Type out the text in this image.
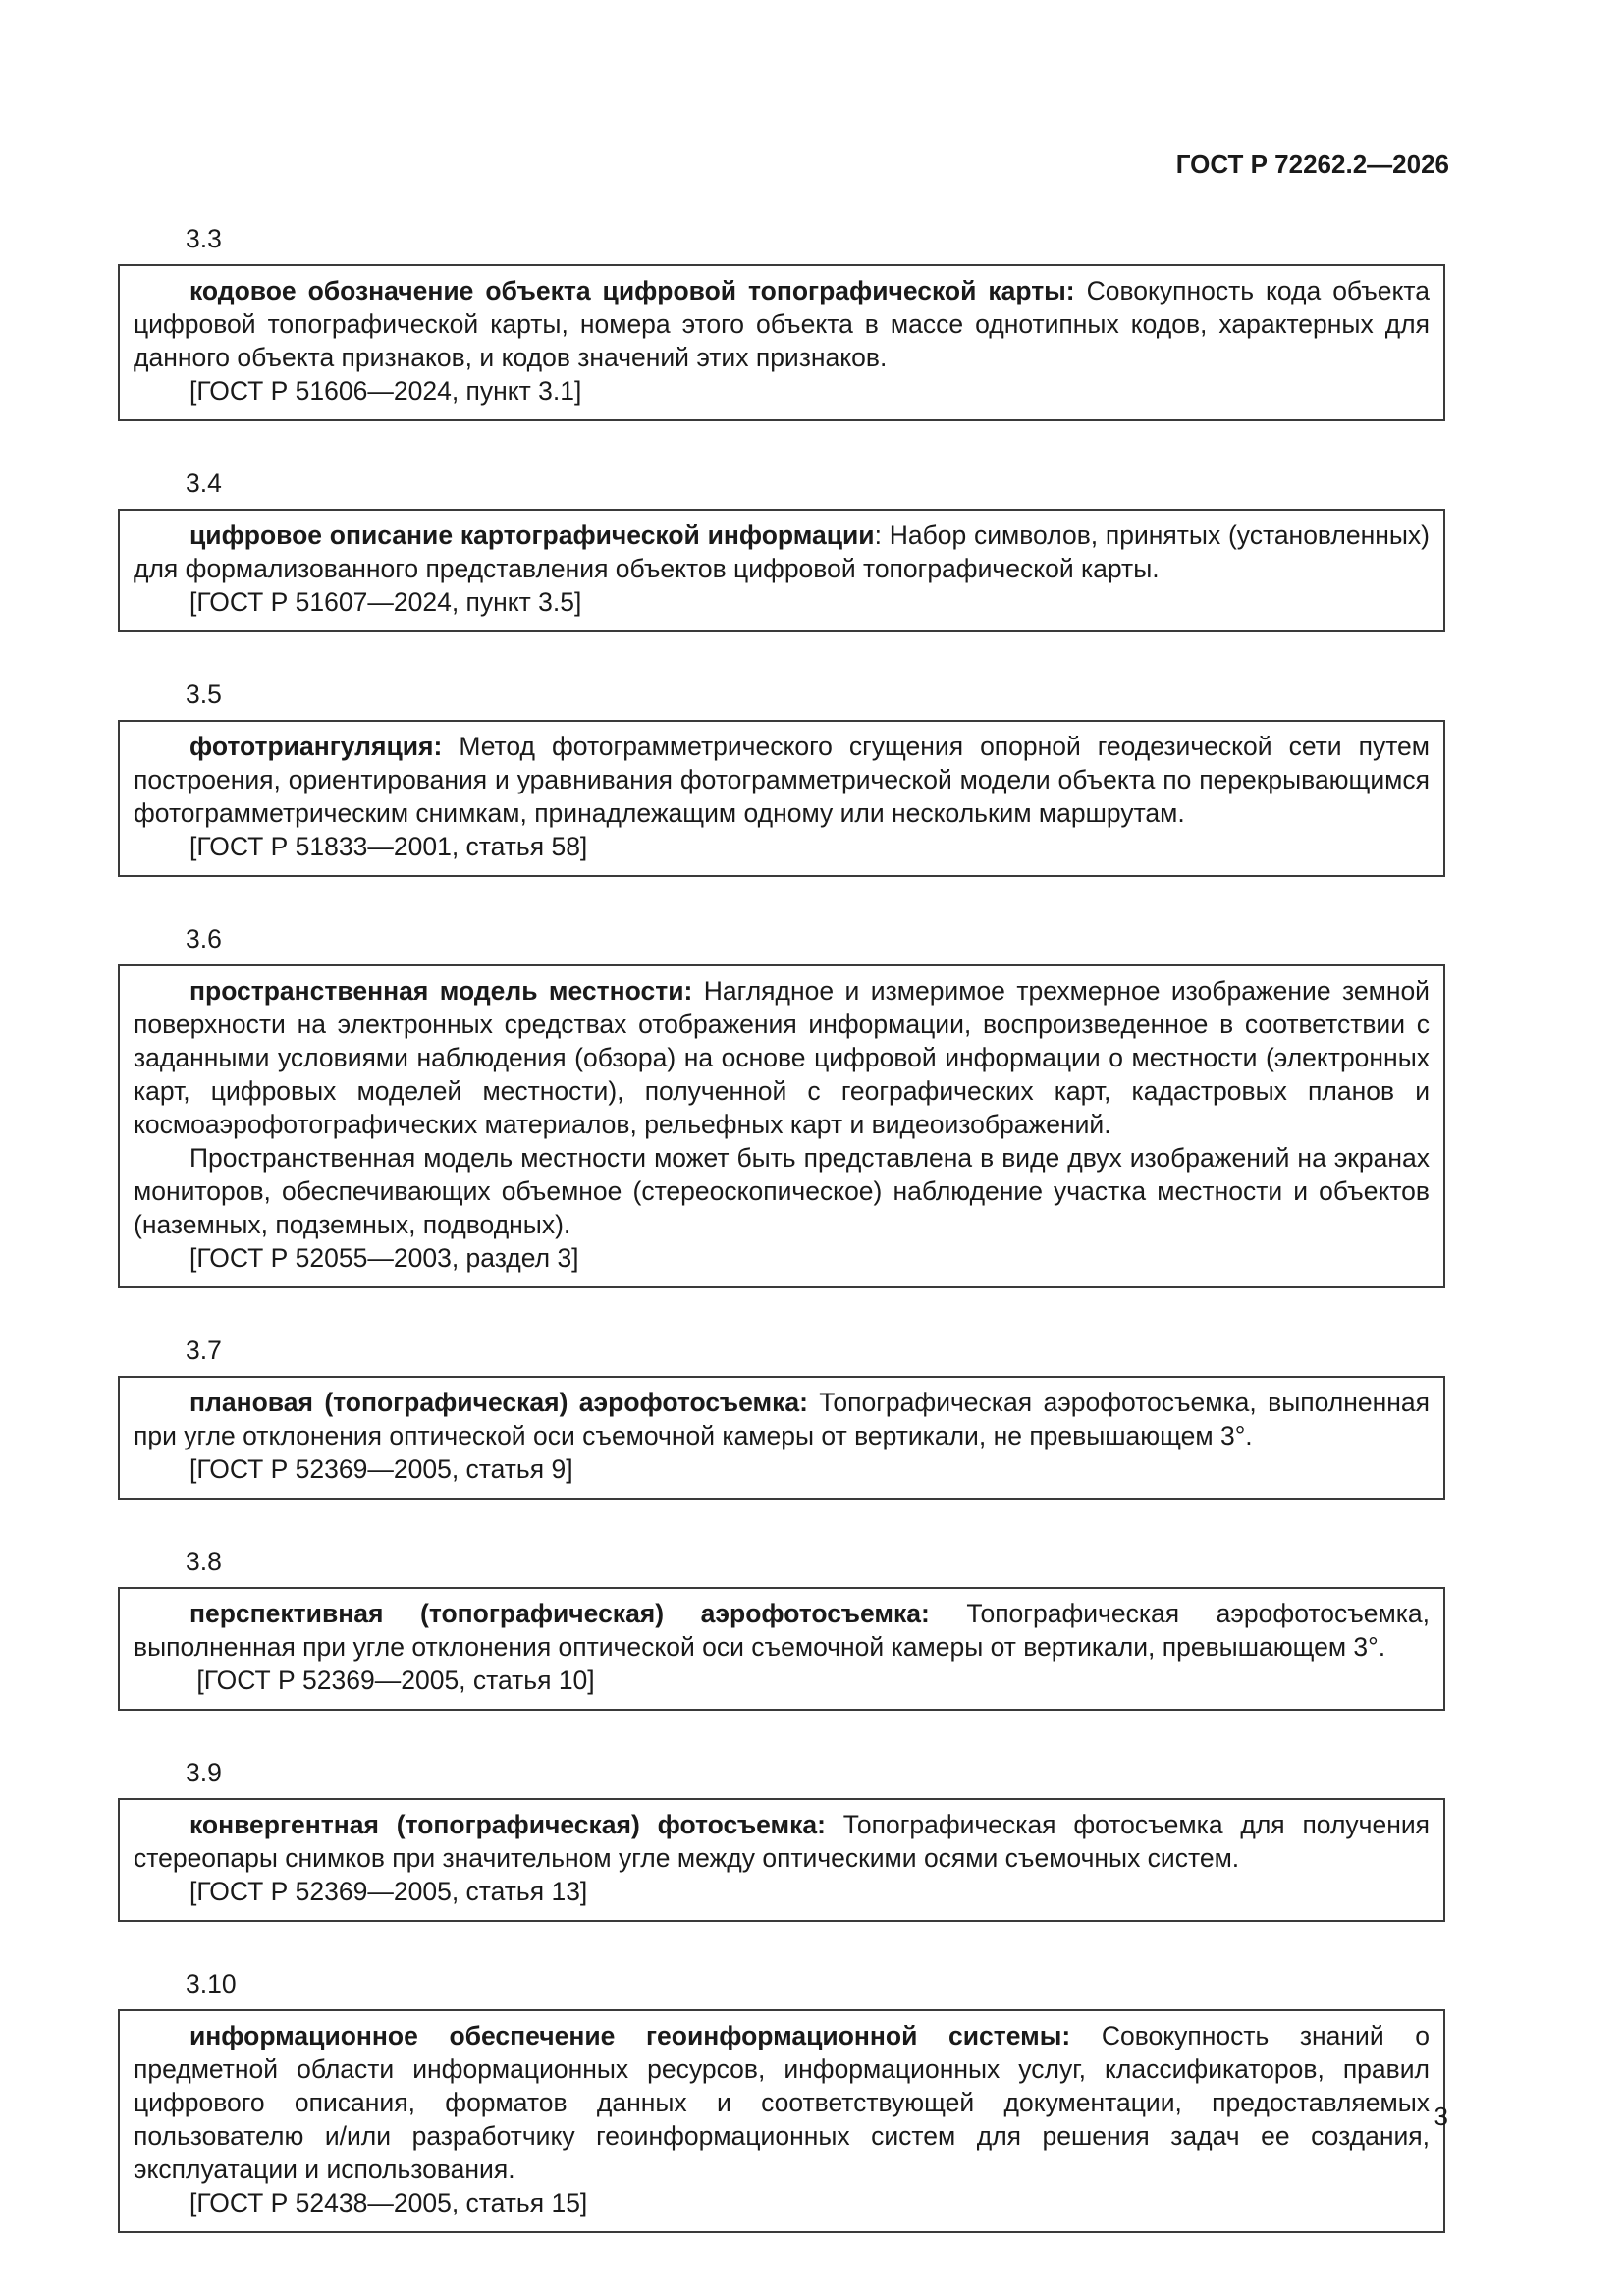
ГОСТ Р 72262.2—2026
3.3

кодовое обозначение объекта цифровой топографической карты: Совокупность кода объекта цифровой топографической карты, номера этого объекта в массе однотипных кодов, характерных для данного объекта признаков, и кодов значений этих признаков.

[ГОСТ Р 51606—2024, пункт 3.1]
3.4

цифровое описание картографической информации: Набор символов, принятых (установленных) для формализованного представления объектов цифровой топографической карты.

[ГОСТ Р 51607—2024, пункт 3.5]
3.5

фототриангуляция: Метод фотограмметрического сгущения опорной геодезической сети путем построения, ориентирования и уравнивания фотограмметрической модели объекта по перекрывающимся фотограмметрическим снимкам, принадлежащим одному или нескольким маршрутам.

[ГОСТ Р 51833—2001, статья 58]
3.6

пространственная модель местности: Наглядное и измеримое трехмерное изображение земной поверхности на электронных средствах отображения информации, воспроизведенное в соответствии с заданными условиями наблюдения (обзора) на основе цифровой информации о местности (электронных карт, цифровых моделей местности), полученной с географических карт, кадастровых планов и космоаэрофотографических материалов, рельефных карт и видеоизображений.

Пространственная модель местности может быть представлена в виде двух изображений на экранах мониторов, обеспечивающих объемное (стереоскопическое) наблюдение участка местности и объектов (наземных, подземных, подводных).

[ГОСТ Р 52055—2003, раздел 3]
3.7

плановая (топографическая) аэрофотосъемка: Топографическая аэрофотосъемка, выполненная при угле отклонения оптической оси съемочной камеры от вертикали, не превышающем 3°.

[ГОСТ Р 52369—2005, статья 9]
3.8

перспективная (топографическая) аэрофотосъемка: Топографическая аэрофотосъемка, выполненная при угле отклонения оптической оси съемочной камеры от вертикали, превышающем 3°.

[ГОСТ Р 52369—2005, статья 10]
3.9

конвергентная (топографическая) фотосъемка: Топографическая фотосъемка для получения стереопары снимков при значительном угле между оптическими осями съемочных систем.

[ГОСТ Р 52369—2005, статья 13]
3.10

информационное обеспечение геоинформационной системы: Совокупность знаний о предметной области информационных ресурсов, информационных услуг, классификаторов, правил цифрового описания, форматов данных и соответствующей документации, предоставляемых пользователю и/или разработчику геоинформационных систем для решения задач ее создания, эксплуатации и использования.

[ГОСТ Р 52438—2005, статья 15]
3
